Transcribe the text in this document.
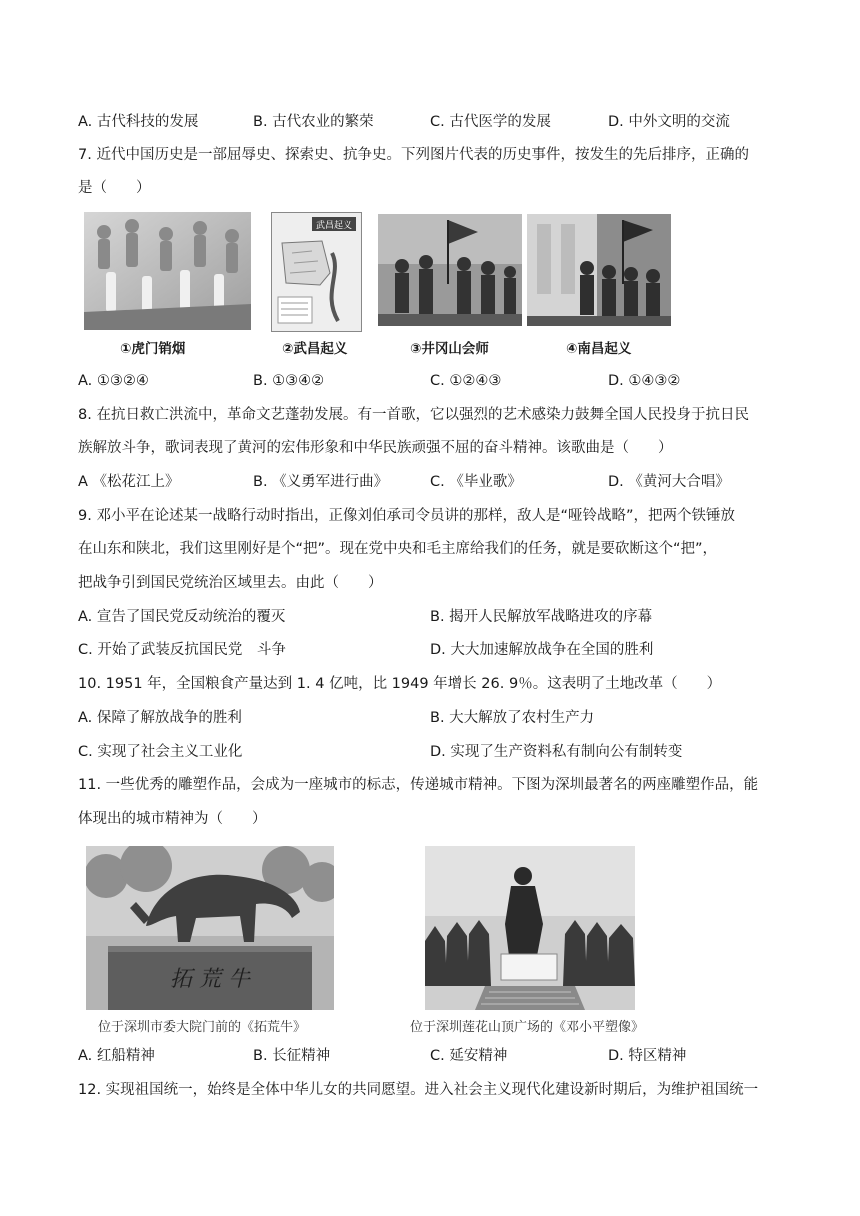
A. 古代科技的发展	B. 古代农业的繁荣	C. 古代医学的发展	D. 中外文明的交流
7. 近代中国历史是一部屈辱史、探索史、抗争史。下列图片代表的历史事件，按发生的先后排序，正确的
是（　　）
武昌起义
①虎门销烟	②武昌起义	③井冈山会师	④南昌起义
A. ①③②④	B. ①③④②	C. ①②④③	D. ①④③②
8. 在抗日救亡洪流中，革命文艺蓬勃发展。有一首歌，它以强烈的艺术感染力鼓舞全国人民投身于抗日民
族解放斗争，歌词表现了黄河的宏伟形象和中华民族顽强不屈的奋斗精神。该歌曲是（　　）
A 《松花江上》	B. 《义勇军进行曲》	C. 《毕业歌》	D. 《黄河大合唱》
9. 邓小平在论述某一战略行动时指出，正像刘伯承司令员讲的那样，敌人是“哑铃战略”，把两个铁锤放
在山东和陕北，我们这里刚好是个“把”。现在党中央和毛主席给我们的任务，就是要砍断这个“把”，
把战争引到国民党统治区域里去。由此（　　）
A. 宣告了国民党反动统治的覆灭	B. 揭开人民解放军战略进攻的序幕
C. 开始了武装反抗国民党　斗争	D. 大大加速解放战争在全国的胜利
10. 1951 年，全国粮食产量达到 1. 4 亿吨，比 1949 年增长 26. 9％。这表明了土地改革（　　）
A. 保障了解放战争的胜利	B. 大大解放了农村生产力
C. 实现了社会主义工业化	D. 实现了生产资料私有制向公有制转变
11. 一些优秀的雕塑作品，会成为一座城市的标志，传递城市精神。下图为深圳最著名的两座雕塑作品，能
体现出的城市精神为（　　）
拓 荒 牛
位于深圳市委大院门前的《拓荒牛》	位于深圳莲花山顶广场的《邓小平塑像》
A. 红船精神	B. 长征精神	C. 延安精神	D. 特区精神
12. 实现祖国统一，始终是全体中华儿女的共同愿望。进入社会主义现代化建设新时期后，为维护祖国统一
